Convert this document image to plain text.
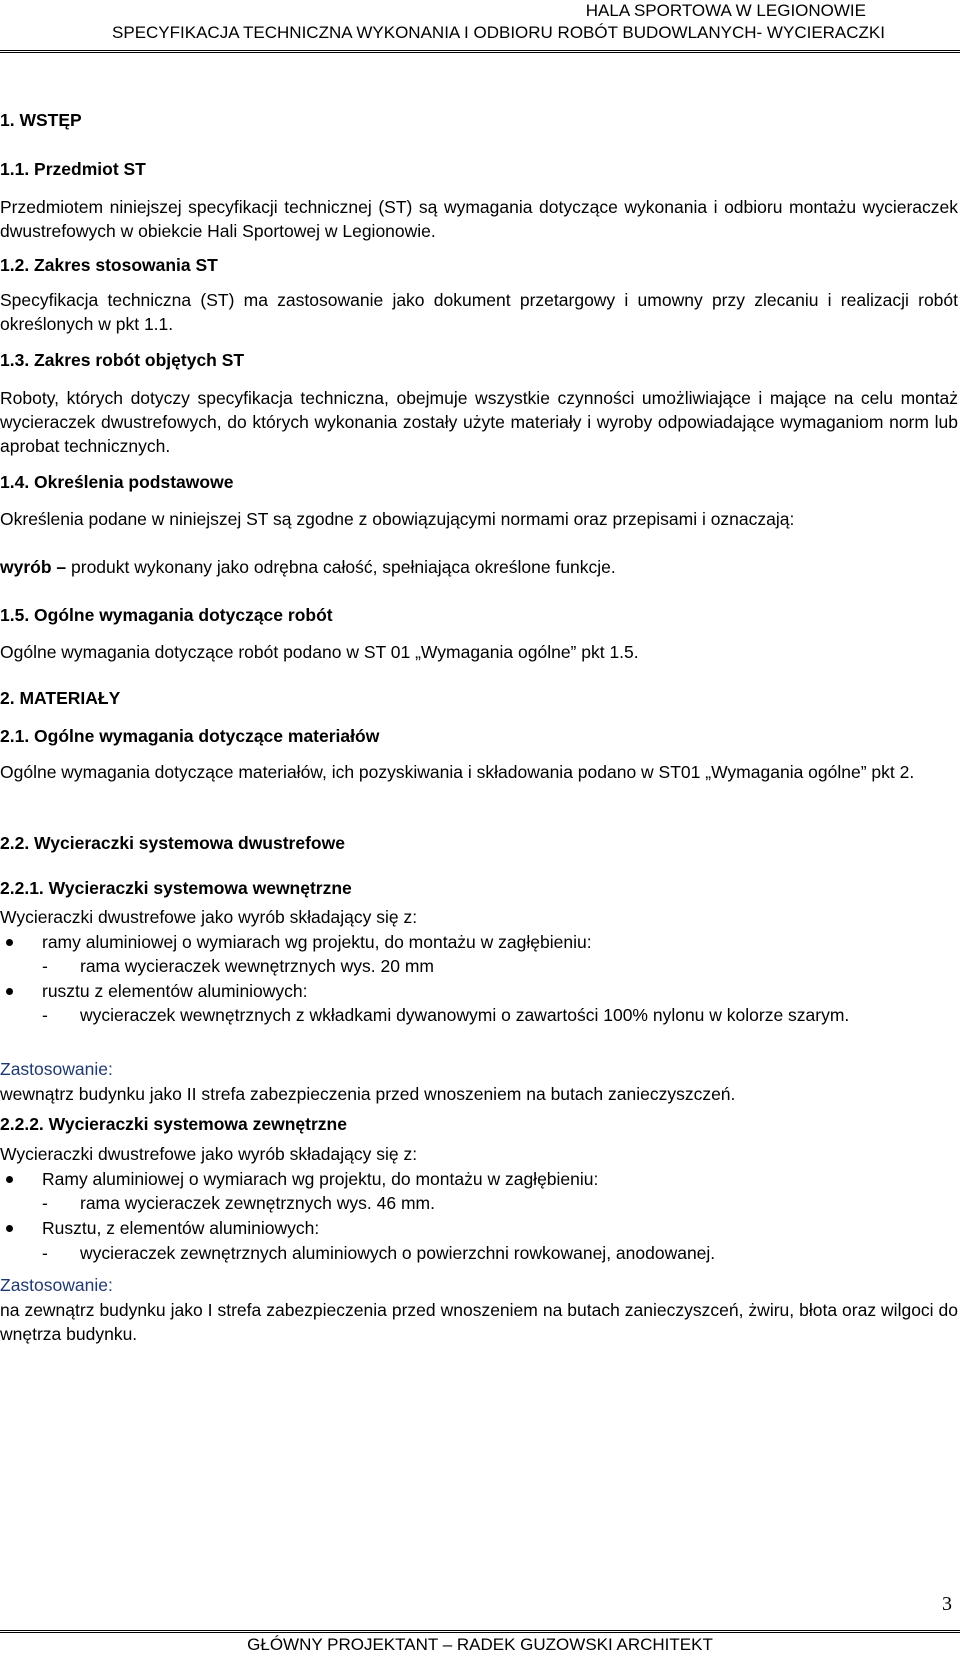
HALA SPORTOWA W LEGIONOWIE
SPECYFIKACJA TECHNICZNA WYKONANIA I ODBIORU ROBÓT BUDOWLANYCH- WYCIERACZKI
1. WSTĘP
1.1. Przedmiot ST
Przedmiotem niniejszej specyfikacji technicznej (ST) są wymagania dotyczące wykonania i odbioru montażu wycieraczek dwustrefowych w obiekcie Hali Sportowej w Legionowie.
1.2. Zakres stosowania ST
Specyfikacja techniczna (ST) ma zastosowanie jako dokument przetargowy i umowny przy zlecaniu i realizacji robót określonych w pkt 1.1.
1.3. Zakres robót objętych ST
Roboty, których dotyczy specyfikacja techniczna, obejmuje wszystkie czynności umożliwiające i mające na celu montaż wycieraczek dwustrefowych, do których wykonania zostały użyte materiały i wyroby odpowiadające wymaganiom norm lub aprobat technicznych.
1.4. Określenia podstawowe
Określenia podane w niniejszej ST są zgodne z obowiązującymi normami oraz przepisami i oznaczają:
wyrób – produkt wykonany jako odrębna całość, spełniająca określone funkcje.
1.5. Ogólne wymagania dotyczące robót
Ogólne wymagania dotyczące robót podano w ST 01 „Wymagania ogólne” pkt 1.5.
2. MATERIAŁY
2.1. Ogólne wymagania dotyczące materiałów
Ogólne wymagania dotyczące materiałów, ich pozyskiwania i składowania podano w ST01 „Wymagania ogólne” pkt 2.
2.2. Wycieraczki systemowa dwustrefowe
2.2.1. Wycieraczki systemowa wewnętrzne
Wycieraczki dwustrefowe jako wyrób składający się z:
ramy aluminiowej o wymiarach wg projektu, do montażu w zagłębieniu:
- rama wycieraczek wewnętrznych wys. 20 mm
rusztu z elementów aluminiowych:
- wycieraczek wewnętrznych z wkładkami dywanowymi o zawartości 100% nylonu w kolorze szarym.
Zastosowanie:
wewnątrz budynku jako II strefa zabezpieczenia przed wnoszeniem na butach zanieczyszczeń.
2.2.2. Wycieraczki systemowa zewnętrzne
Wycieraczki dwustrefowe jako wyrób składający się z:
Ramy aluminiowej o wymiarach wg projektu, do montażu w zagłębieniu:
- rama wycieraczek zewnętrznych wys. 46 mm.
Rusztu, z elementów aluminiowych:
- wycieraczek zewnętrznych aluminiowych o powierzchni rowkowanej, anodowanej.
Zastosowanie:
na zewnątrz budynku jako I strefa zabezpieczenia przed wnoszeniem na butach zanieczyszceń, żwiru, błota oraz wilgoci do wnętrza budynku.
3
GŁÓWNY PROJEKTANT – RADEK GUZOWSKI ARCHITEKT
